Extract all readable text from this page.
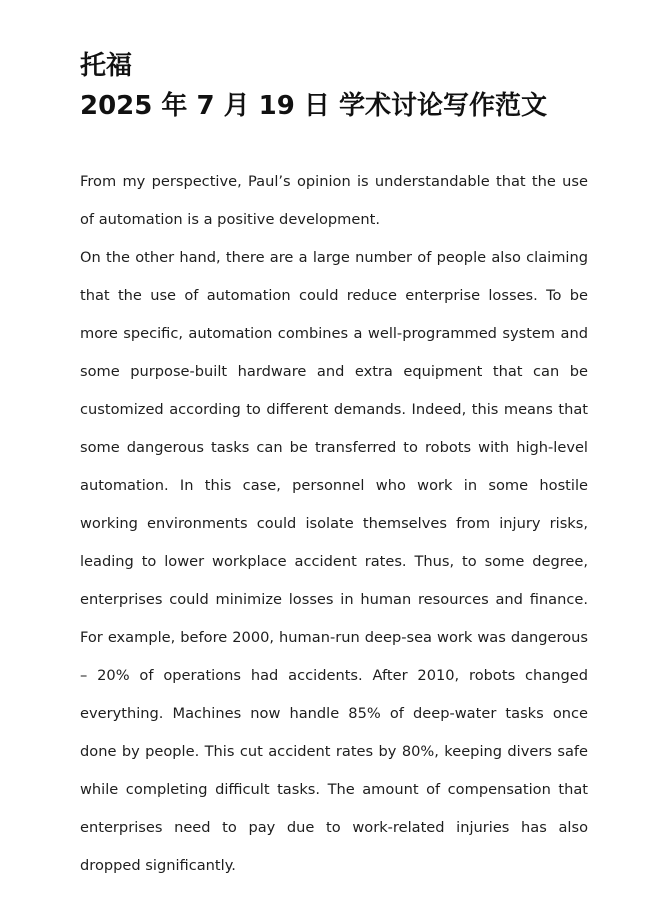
托福
2025 年 7 月 19 日 学术讨论写作范文

From my perspective, Paul’s opinion is understandable that the use of automation is a positive development.

On the other hand, there are a large number of people also claiming that the use of automation could reduce enterprise losses. To be more specific, automation combines a well-programmed system and some purpose-built hardware and extra equipment that can be customized according to different demands. Indeed, this means that some dangerous tasks can be transferred to robots with high-level automation. In this case, personnel who work in some hostile working environments could isolate themselves from injury risks, leading to lower workplace accident rates. Thus, to some degree, enterprises could minimize losses in human resources and finance. For example, before 2000, human-run deep-sea work was dangerous – 20% of operations had accidents. After 2010, robots changed everything. Machines now handle 85% of deep-water tasks once done by people. This cut accident rates by 80%, keeping divers safe while completing difficult tasks. The amount of compensation that enterprises need to pay due to work-related injuries has also dropped significantly.
